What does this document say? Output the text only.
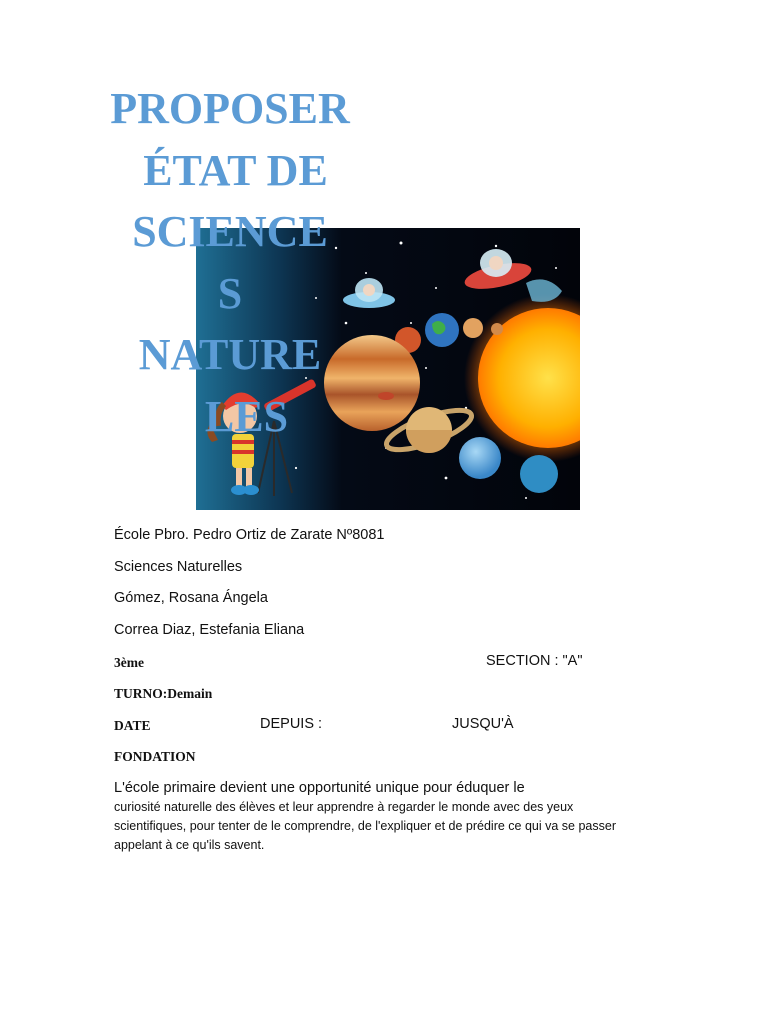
PROPOSER
ÉTAT DE
SCIENCE
S
NATURE
LES
École Pbro. Pedro Ortiz de Zarate Nº8081
Sciences Naturelles
Gómez, Rosana Ángela
Correa Diaz, Estefania Eliana
3ème	SECTION : "A"
TURNO:Demain
DATE	DEPUIS :	JUSQU'À
FONDATION
L'école primaire devient une opportunité unique pour éduquer le
curiosité naturelle des élèves et leur apprendre à regarder le monde avec des yeux
scientifiques, pour tenter de le comprendre, de l'expliquer et de prédire ce qui va se passer
appelant à ce qu'ils savent.
